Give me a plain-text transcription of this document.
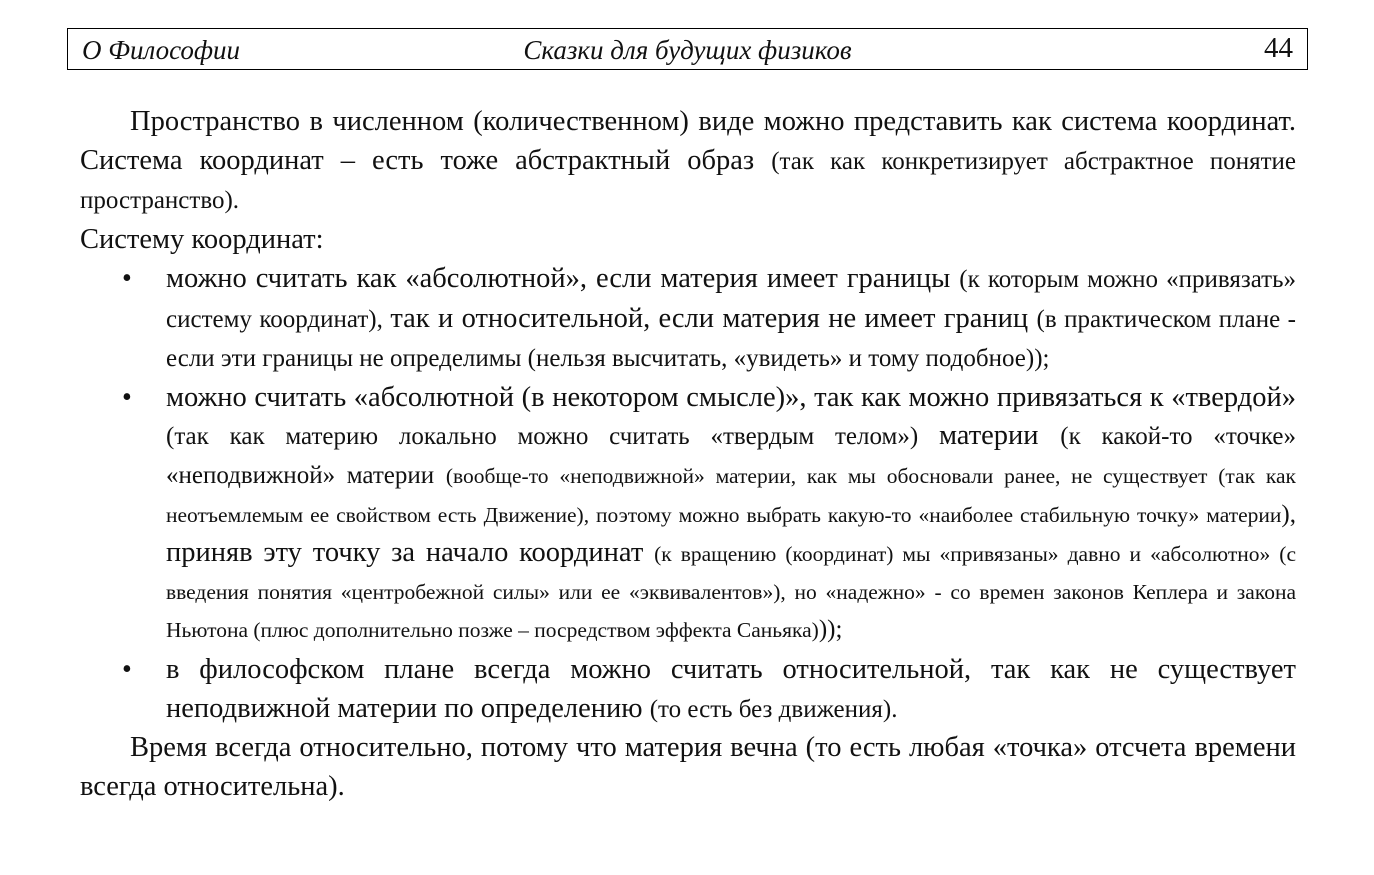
Сказки для будущих физиков
О Философии	44

Пространство в численном (количественном) виде можно представить как система координат. Система координат – есть тоже абстрактный образ (так как конкретизирует абстрактное понятие пространство).

Систему координат:

• можно считать как «абсолютной», если материя имеет границы (к которым можно «привязать» систему координат), так и относительной, если материя не имеет границ (в практическом плане - если эти границы не определимы (нельзя высчитать, «увидеть» и тому подобное));
• можно считать «абсолютной (в некотором смысле)», так как можно привязаться к «твердой» (так как материю локально можно считать «твердым телом») материи (к какой-то «точке» «неподвижной» материи (вообще-то «неподвижной» материи, как мы обосновали ранее, не существует (так как неотъемлемым ее свойством есть Движение), поэтому можно выбрать какую-то «наиболее стабильную точку» материи), приняв эту точку за начало координат (к вращению (координат) мы «привязаны» давно и «абсолютно» (с введения понятия «центробежной силы» или ее «эквивалентов»), но «надежно» - со времен законов Кеплера и закона Ньютона (плюс дополнительно позже – посредством эффекта Саньяка)));
• в философском плане всегда можно считать относительной, так как не существует неподвижной материи по определению (то есть без движения).

Время всегда относительно, потому что материя вечна (то есть любая «точка» отсчета времени всегда относительна).
